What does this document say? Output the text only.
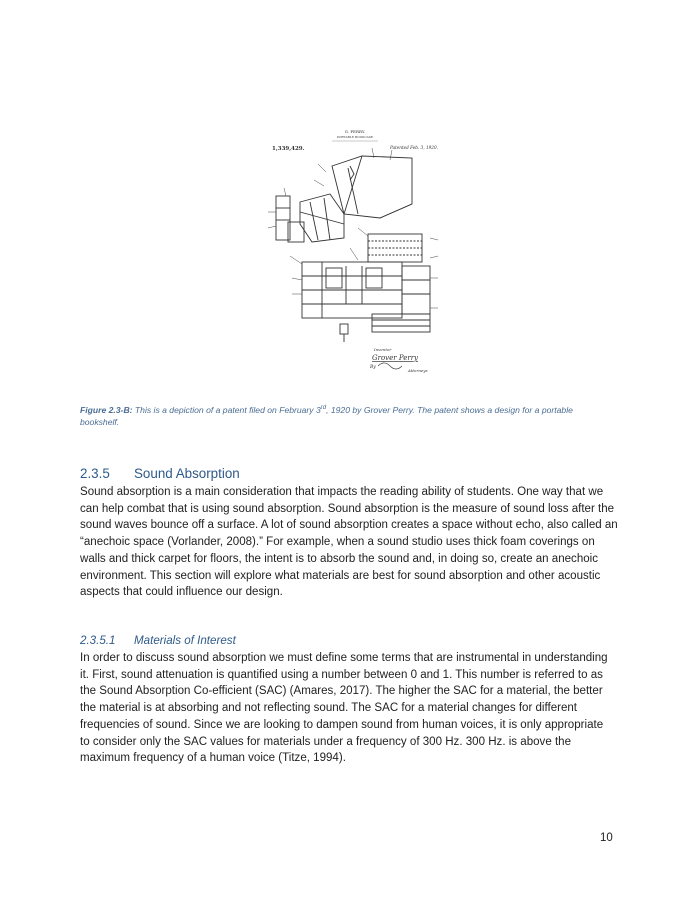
G. PERRY.
PORTABLE BOOKCASE
1,339,429.	Patented Feb. 3, 1920.
Inventor
Grover Perry
By
Attorneys
Figure 2.3-B: This is a depiction of a patent filed on February 3rd, 1920 by Grover Perry. The patent shows a design for a portable
bookshelf.
2.3.5 Sound Absorption
Sound absorption is a main consideration that impacts the reading ability of students. One way that we
can help combat that is using sound absorption. Sound absorption is the measure of sound loss after the
sound waves bounce off a surface. A lot of sound absorption creates a space without echo, also called an
“anechoic space (Vorlander, 2008).” For example, when a sound studio uses thick foam coverings on
walls and thick carpet for floors, the intent is to absorb the sound and, in doing so, create an anechoic
environment. This section will explore what materials are best for sound absorption and other acoustic
aspects that could influence our design.
2.3.5.1 Materials of Interest
In order to discuss sound absorption we must define some terms that are instrumental in understanding
it. First, sound attenuation is quantified using a number between 0 and 1. This number is referred to as
the Sound Absorption Co-efficient (SAC) (Amares, 2017). The higher the SAC for a material, the better
the material is at absorbing and not reflecting sound. The SAC for a material changes for different
frequencies of sound. Since we are looking to dampen sound from human voices, it is only appropriate
to consider only the SAC values for materials under a frequency of 300 Hz. 300 Hz. is above the
maximum frequency of a human voice (Titze, 1994).
10
